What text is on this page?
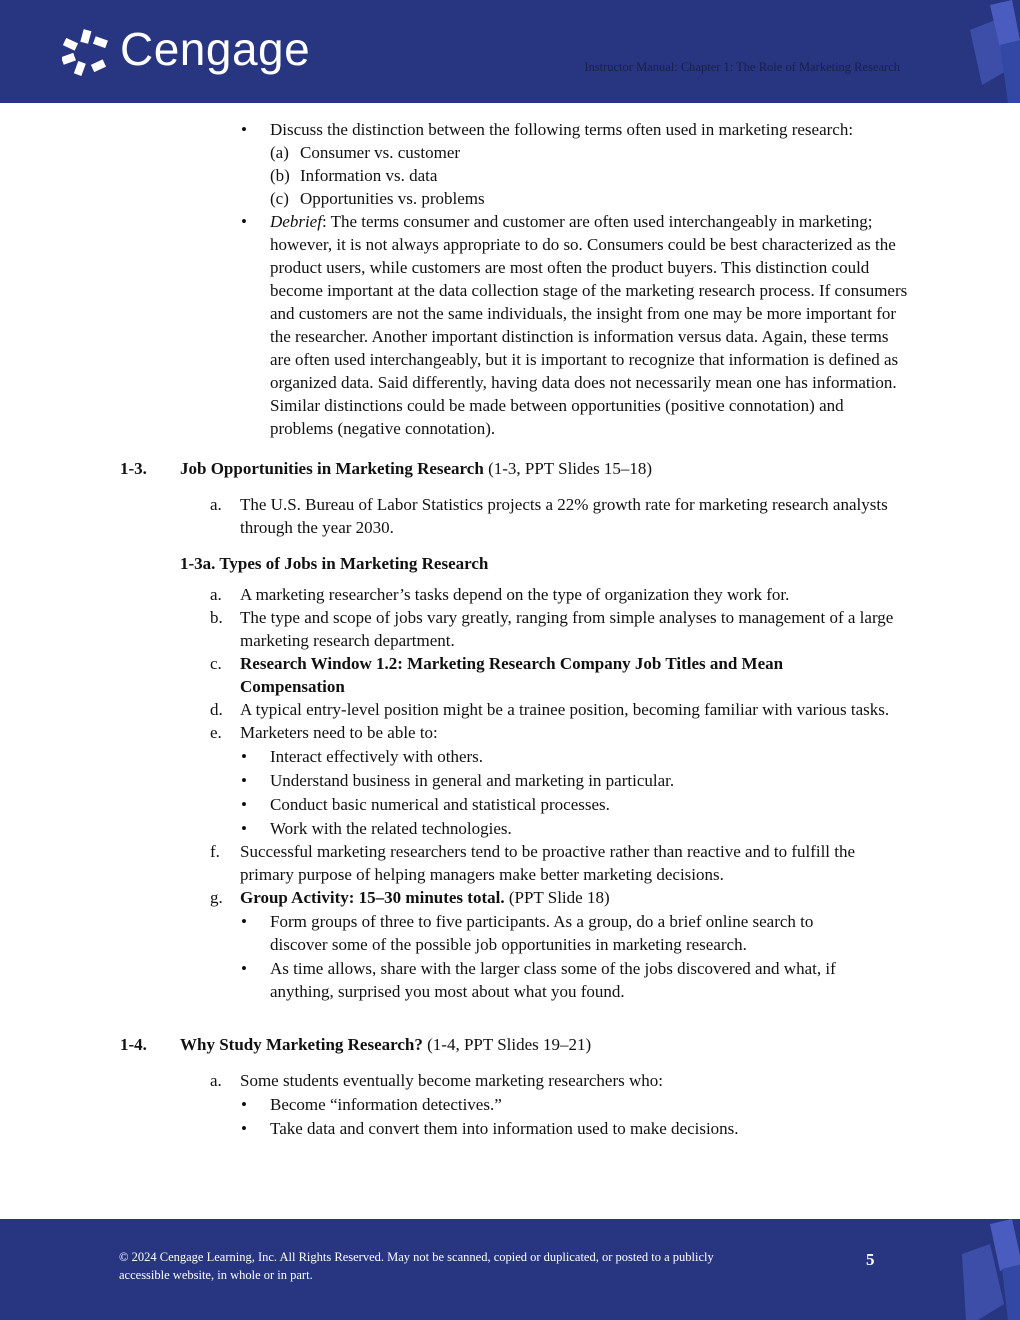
Cengage	Instructor Manual: Chapter 1: The Role of Marketing Research
• Discuss the distinction between the following terms often used in marketing research:
(a) Consumer vs. customer
(b) Information vs. data
(c) Opportunities vs. problems
• Debrief: The terms consumer and customer are often used interchangeably in marketing; however, it is not always appropriate to do so. Consumers could be best characterized as the product users, while customers are most often the product buyers. This distinction could become important at the data collection stage of the marketing research process. If consumers and customers are not the same individuals, the insight from one may be more important for the researcher. Another important distinction is information versus data. Again, these terms are often used interchangeably, but it is important to recognize that information is defined as organized data. Said differently, having data does not necessarily mean one has information. Similar distinctions could be made between opportunities (positive connotation) and problems (negative connotation).
1-3. Job Opportunities in Marketing Research (1-3, PPT Slides 15–18)
a. The U.S. Bureau of Labor Statistics projects a 22% growth rate for marketing research analysts through the year 2030.
1-3a. Types of Jobs in Marketing Research
a. A marketing researcher’s tasks depend on the type of organization they work for.
b. The type and scope of jobs vary greatly, ranging from simple analyses to management of a large marketing research department.
c. Research Window 1.2: Marketing Research Company Job Titles and Mean Compensation
d. A typical entry-level position might be a trainee position, becoming familiar with various tasks.
e. Marketers need to be able to:
• Interact effectively with others.
• Understand business in general and marketing in particular.
• Conduct basic numerical and statistical processes.
• Work with the related technologies.
f. Successful marketing researchers tend to be proactive rather than reactive and to fulfill the primary purpose of helping managers make better marketing decisions.
g. Group Activity: 15–30 minutes total. (PPT Slide 18)
• Form groups of three to five participants. As a group, do a brief online search to discover some of the possible job opportunities in marketing research.
• As time allows, share with the larger class some of the jobs discovered and what, if anything, surprised you most about what you found.
1-4. Why Study Marketing Research? (1-4, PPT Slides 19–21)
a. Some students eventually become marketing researchers who:
• Become “information detectives.”
• Take data and convert them into information used to make decisions.
© 2024 Cengage Learning, Inc. All Rights Reserved. May not be scanned, copied or duplicated, or posted to a publicly accessible website, in whole or in part.
5
